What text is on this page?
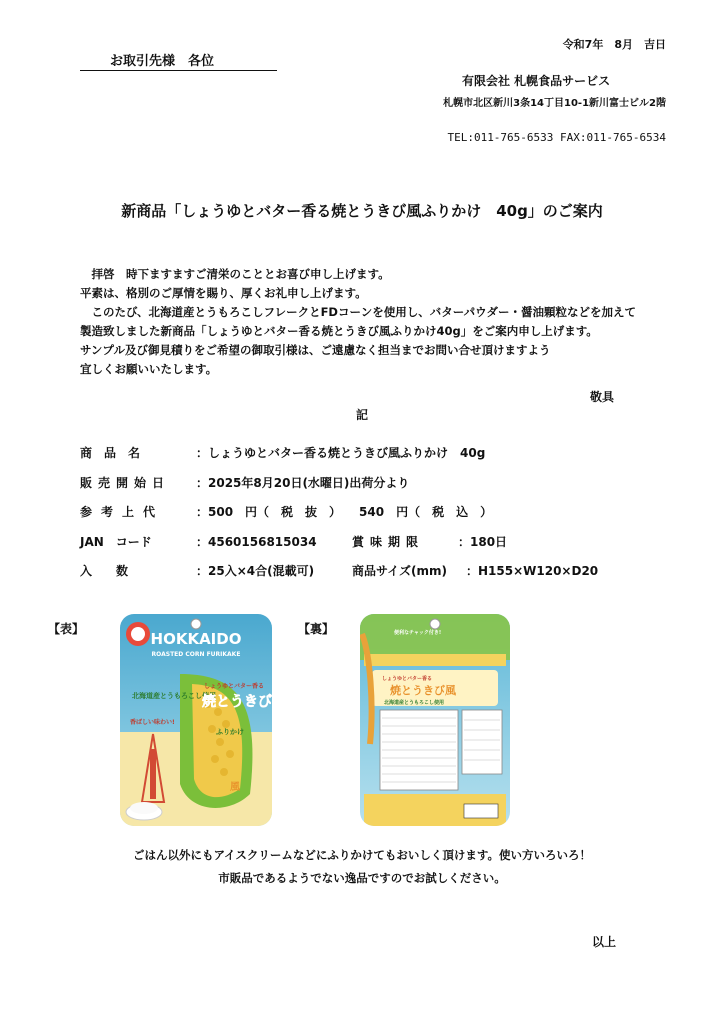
令和7年　8月　吉日
お取引先様　各位
有限会社 札幌食品サービス
札幌市北区新川3条14丁目10-1新川富士ビル2階
TEL:011-765-6533 FAX:011-765-6534
新商品「しょうゆとバター香る焼とうきび風ふりかけ　40g」のご案内

　拝啓　時下ますますご清栄のこととお喜び申し上げます。

平素は、格別のご厚情を賜り、厚くお礼申し上げます。

　このたび、北海道産とうもろこしフレークとFDコーンを使用し、バターパウダー・醤油顆粒などを加えて

製造致しました新商品「しょうゆとバター香る焼とうきび風ふりかけ40g」をご案内申し上げます。

サンプル及び御見積りをご希望の御取引様は、ご遠慮なく担当までお問い合せ頂けますよう

宜しくお願いいたします。

敬具
記
商　品　名	：しょうゆとバター香る焼とうきび風ふりかけ　40g
販売開始日 ：2025年8月20日(水曜日)出荷分より
参考上代	：500　円（　税　抜　）　　540　円（　税　込　）
JAN　コード	：4560156815034	賞味期限	：180日
入　　数	：25入×4合(混載可)	商品サイズ(mm) ：H155×W120×D20
【表】	【裏】
HOKKAIDO
ROASTED CORN FURIKAKE
北海道産とうもろこし使用
しょうゆとバター香る
焼とうきび
ふりかけ
風
香ばしい味わい!
便利なチャック付き!
しょうゆとバター香る
焼とうきび風
北海道産とうもろこし使用
ごはん以外にもアイスクリームなどにふりかけてもおいしく頂けます。使い方いろいろ！
市販品であるようでない逸品ですのでお試しください。
以上
